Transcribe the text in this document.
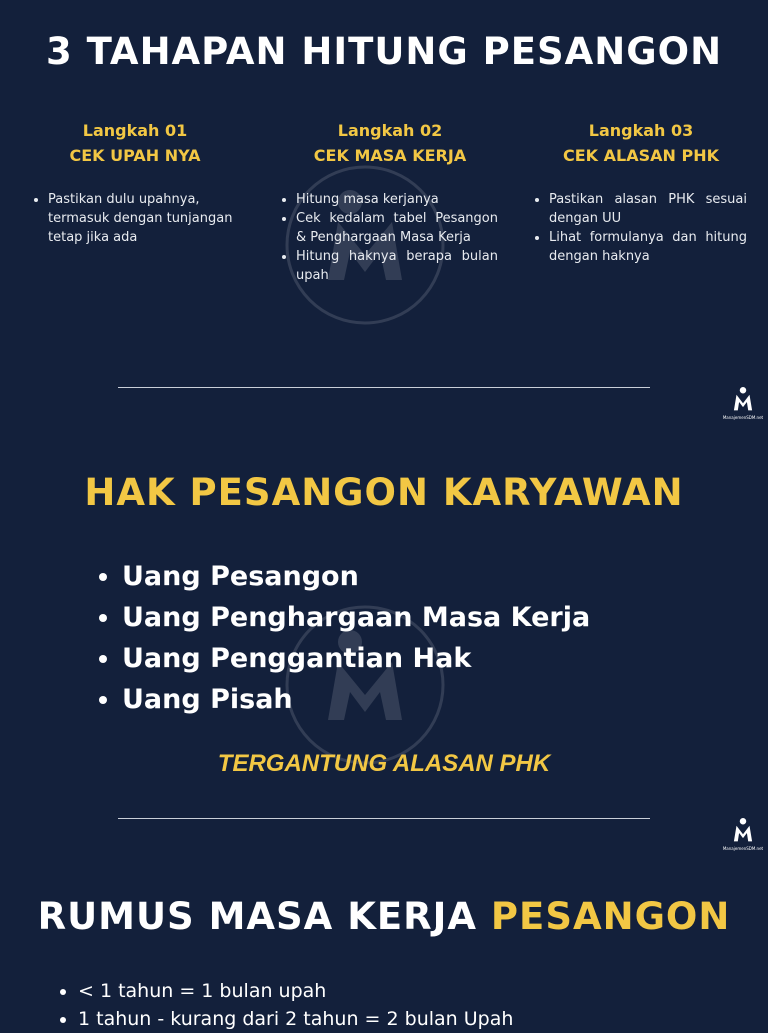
3 TAHAPAN HITUNG PESANGON
Langkah 01
CEK UPAH NYA
• Pastikan dulu upahnya, termasuk dengan tunjangan tetap jika ada
Langkah 02
CEK MASA KERJA
• Hitung masa kerjanya
• Cek kedalam tabel Pesangon & Penghargaan Masa Kerja
• Hitung haknya berapa bulan upah
Langkah 03
CEK ALASAN PHK
• Pastikan alasan PHK sesuai dengan UU
• Lihat formulanya dan hitung dengan haknya
ManajemenSDM.net
HAK PESANGON KARYAWAN
• Uang Pesangon
• Uang Penghargaan Masa Kerja
• Uang Penggantian Hak
• Uang Pisah
TERGANTUNG ALASAN PHK
ManajemenSDM.net
RUMUS MASA KERJA PESANGON
• < 1 tahun = 1 bulan upah
• 1 tahun - kurang dari 2 tahun = 2 bulan Upah
